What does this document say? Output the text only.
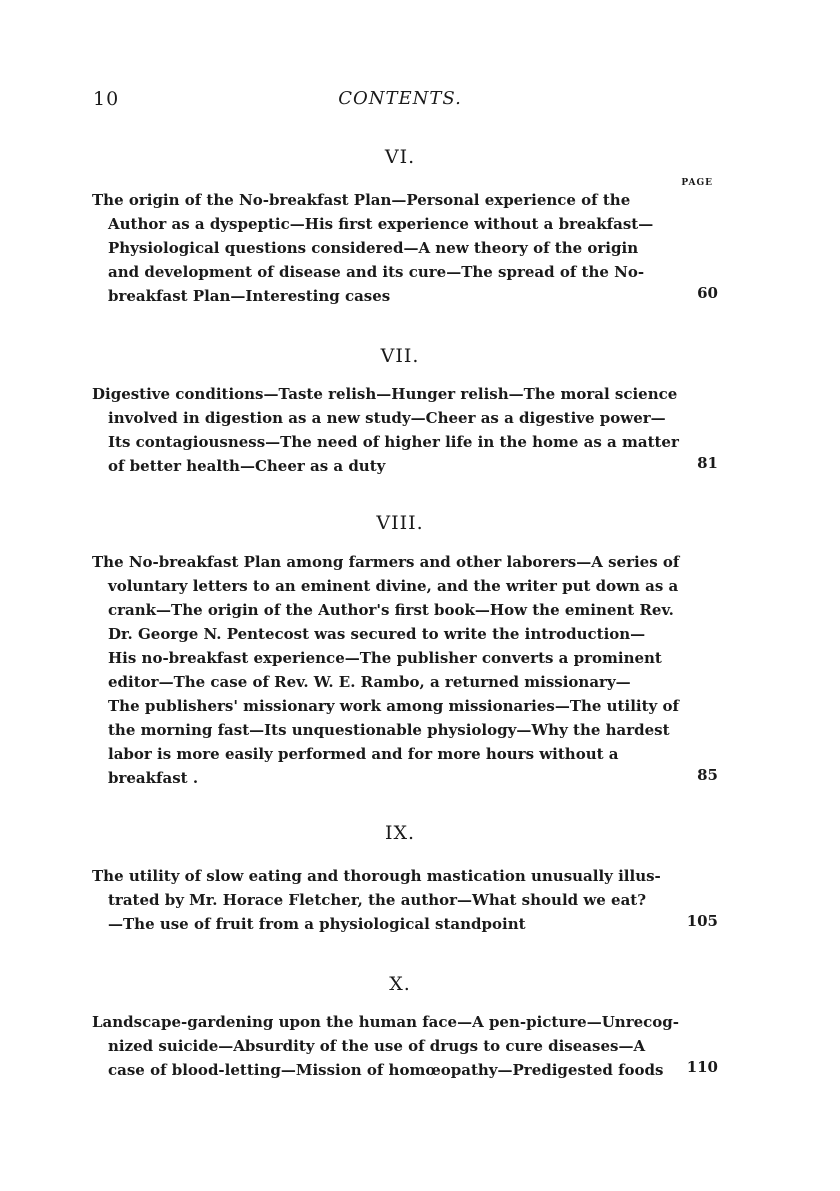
10	CONTENTS.
PAGE
VI.
The origin of the No-breakfast Plan—Personal experience of the
Author as a dyspeptic—His first experience without a breakfast—
Physiological questions considered—A new theory of the origin
and development of disease and its cure—The spread of the No-
breakfast Plan—Interesting cases	60
VII.
Digestive conditions—Taste relish—Hunger relish—The moral science
involved in digestion as a new study—Cheer as a digestive power—
Its contagiousness—The need of higher life in the home as a matter
of better health—Cheer as a duty	81
VIII.
The No-breakfast Plan among farmers and other laborers—A series of
voluntary letters to an eminent divine, and the writer put down as a
crank—The origin of the Author's first book—How the eminent Rev.
Dr. George N. Pentecost was secured to write the introduction—
His no-breakfast experience—The publisher converts a prominent
editor—The case of Rev. W. E. Rambo, a returned missionary—
The publishers' missionary work among missionaries—The utility of
the morning fast—Its unquestionable physiology—Why the hardest
labor is more easily performed and for more hours without a
breakfast .	85
IX.
The utility of slow eating and thorough mastication unusually illus-
trated by Mr. Horace Fletcher, the author—What should we eat?
—The use of fruit from a physiological standpoint	105
X.
Landscape-gardening upon the human face—A pen-picture—Unrecog-
nized suicide—Absurdity of the use of drugs to cure diseases—A
case of blood-letting—Mission of homœopathy—Predigested foods	110
